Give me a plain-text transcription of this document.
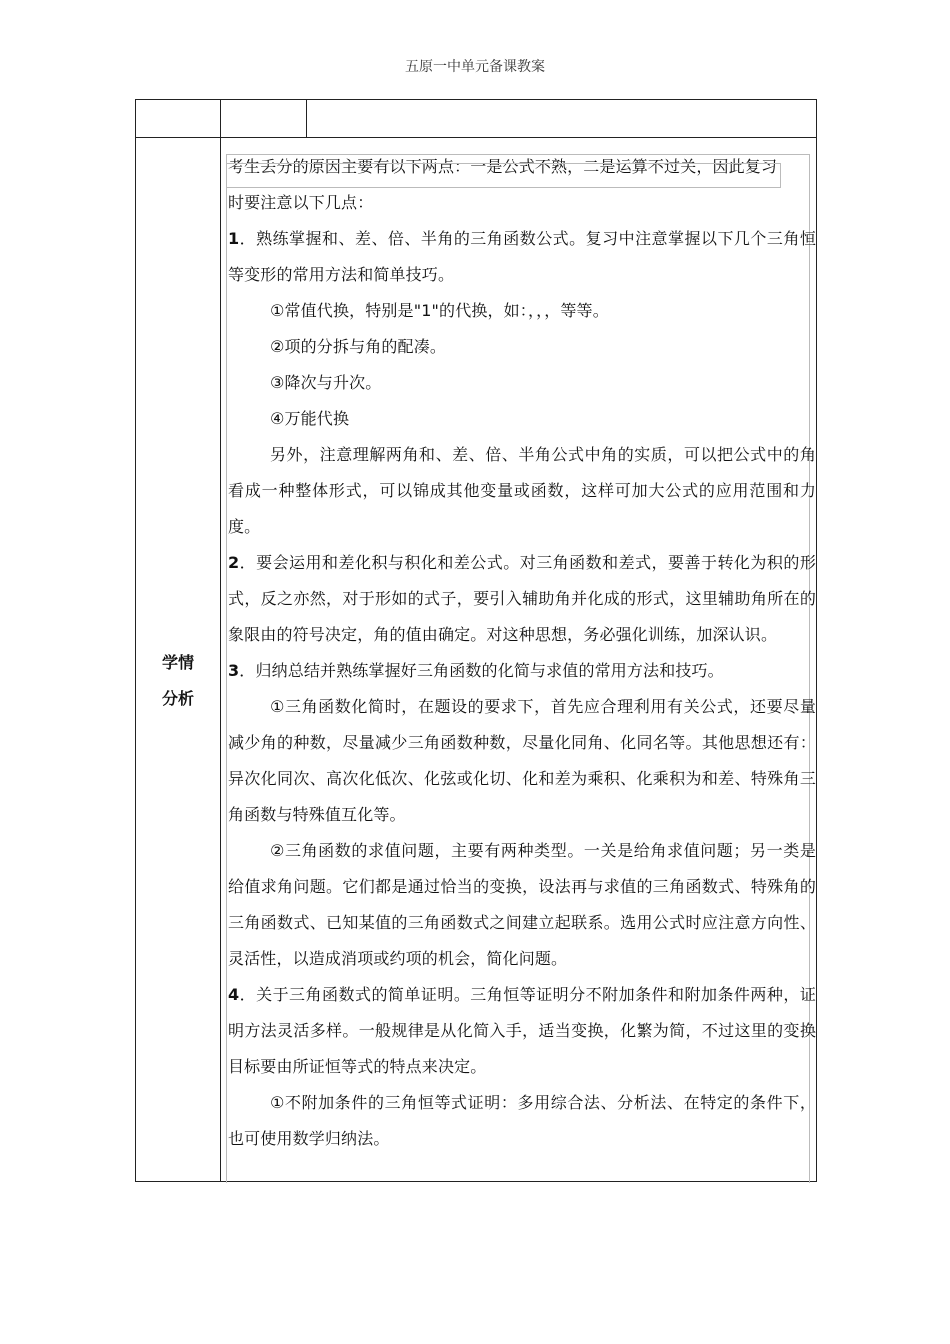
五原一中单元备课教案
学情
分析

考生丢分的原因主要有以下两点：一是公式不熟，二是运算不过关，因此复习

时要注意以下几点：

1．熟练掌握和、差、倍、半角的三角函数公式。复习中注意掌握以下几个三角恒等变形的常用方法和简单技巧。

①常值代换，特别是"1"的代换，如：，，，等等。

②项的分拆与角的配凑。

③降次与升次。

④万能代换

另外，注意理解两角和、差、倍、半角公式中角的实质，可以把公式中的角看成一种整体形式，可以锦成其他变量或函数，这样可加大公式的应用范围和力度。

2．要会运用和差化积与积化和差公式。对三角函数和差式，要善于转化为积的形式，反之亦然，对于形如的式子，要引入辅助角并化成的形式，这里辅助角所在的象限由的符号决定，角的值由确定。对这种思想，务必强化训练，加深认识。

3．归纳总结并熟练掌握好三角函数的化简与求值的常用方法和技巧。

①三角函数化简时，在题设的要求下，首先应合理利用有关公式，还要尽量减少角的种数，尽量减少三角函数种数，尽量化同角、化同名等。其他思想还有：异次化同次、高次化低次、化弦或化切、化和差为乘积、化乘积为和差、特殊角三角函数与特殊值互化等。

②三角函数的求值问题，主要有两种类型。一关是给角求值问题；另一类是给值求角问题。它们都是通过恰当的变换，设法再与求值的三角函数式、特殊角的三角函数式、已知某值的三角函数式之间建立起联系。选用公式时应注意方向性、灵活性，以造成消项或约项的机会，简化问题。

4．关于三角函数式的简单证明。三角恒等证明分不附加条件和附加条件两种，证明方法灵活多样。一般规律是从化简入手，适当变换，化繁为简，不过这里的变换目标要由所证恒等式的特点来决定。

①不附加条件的三角恒等式证明：多用综合法、分析法、在特定的条件下，也可使用数学归纳法。
